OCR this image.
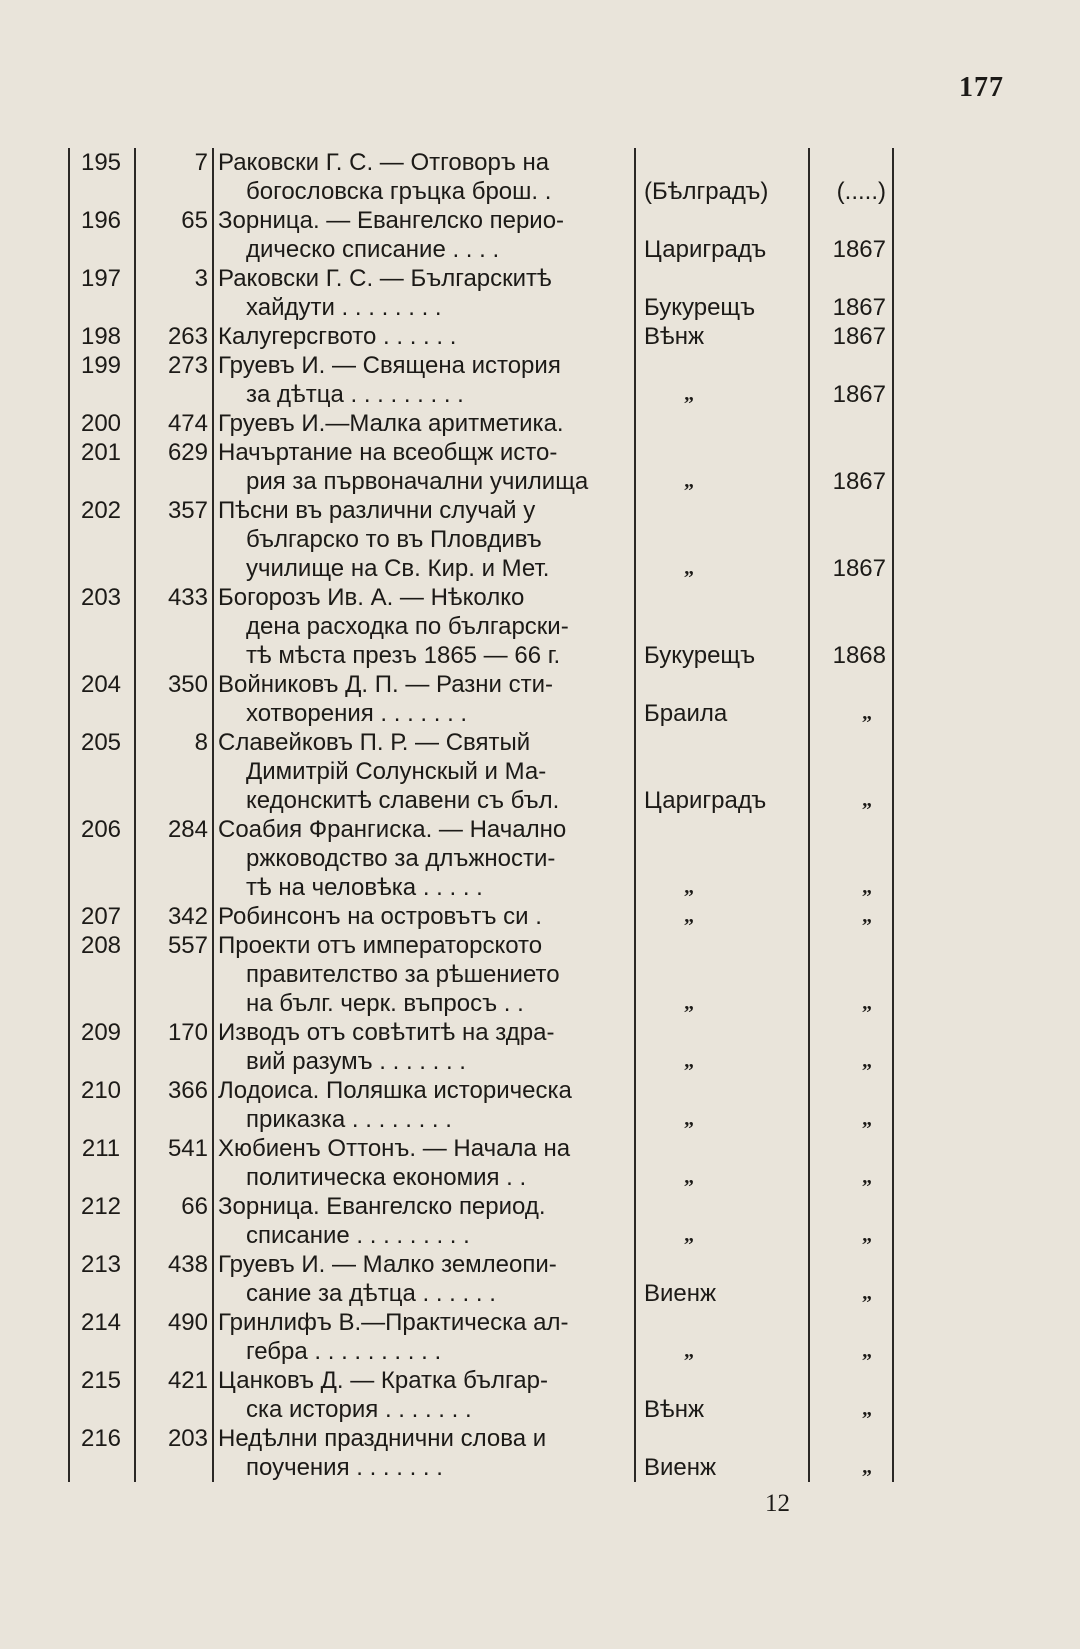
177
195	7	Раковски Г. С. — Отговоръ на
богословска гръцка брош. .	(Бѣлградъ)	(.....)
196	65	Зорница. — Евангелско перио-
дическо списание . . . .	Цариградъ	1867
197	3	Раковски Г. С. — Българскитѣ
хайдути . . . . . . . .	Букурещъ	1867
198	263	Калугерсгвото . . . . . .	Вѣнж	1867
199	273	Груевъ И. — Священа история
за дѣтца . . . . . . . . .	„	1867
200	474	Груевъ И.—Малка аритметика.		

201	629	Начъртание на всеобщж исто-
рия за първоначални училища	„	1867
202	357	Пѣсни въ различни случай у
българско то въ Пловдивъ
училище на Св. Кир. и Мет.	„	1867
203	433	Богорозъ Ив. А. — Нѣколко
дена расходка по български-
тѣ мѣста презъ 1865 — 66 г.	Букурещъ	1868
204	350	Войниковъ Д. П. — Разни сти-
хотворения . . . . . . .	Браила	„
205	8	Славейковъ П. Р. — Святый
Димитрій Солунскый и Ма-
кедонскитѣ славени съ бъл.	Цариградъ	„
206	284	Соабия Франгиска. — Начално
ржководство за длъжности-
тѣ на человѣка . . . . .	„	„
207	342	Робинсонъ на островътъ си .	„	„
208	557	Проекти отъ императорското
правителство за рѣшението
на бълг. черк. въпросъ . .	„	„
209	170	Изводъ отъ совѣтитѣ на здра-
вий разумъ . . . . . . .	„	„
210	366	Лодоиса. Поляшка историческа
приказка . . . . . . . .	„	„
211	541	Хюбиенъ Оттонъ. — Начала на
политическа економия . .	„	„
212	66	Зорница. Евангелско период.
списание . . . . . . . . .	„	„
213	438	Груевъ И. — Малко землеопи-
сание за дѣтца . . . . . .	Виенж	„
214	490	Гринлифъ В.—Практическа ал-
гебра . . . . . . . . . .	„	„
215	421	Цанковъ Д. — Кратка българ-
ска история . . . . . . .	Вѣнж	„
216	203	Недѣлни празднични слова и
поучения . . . . . . .	Виенж	„
12
